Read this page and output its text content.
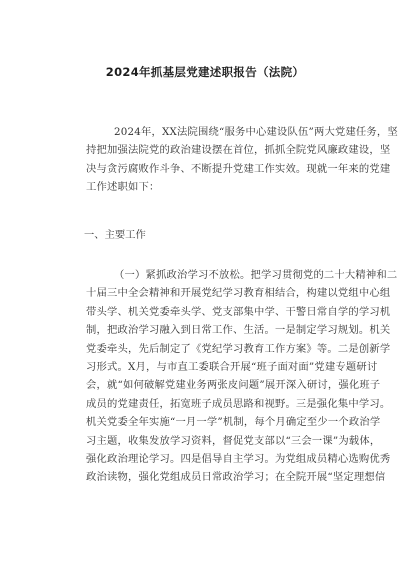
2024年抓基层党建述职报告（法院）
2024年，XX法院围绕“服务中心建设队伍”两大党建任务，坚
持把加强法院党的政治建设摆在首位，抓抓全院党风廉政建设，坚
决与贪污腐败作斗争、不断提升党建工作实效。现就一年来的党建
工作述职如下：
一、主要工作
（一）紧抓政治学习不放松。把学习贯彻党的二十大精神和二
十届三中全会精神和开展党纪学习教育相结合，构建以党组中心组
带头学、机关党委牵头学、党支部集中学、干警日常自学的学习机
制，把政治学习融入到日常工作、生活。一是制定学习规划。机关
党委牵头，先后制定了《党纪学习教育工作方案》等。二是创新学
习形式。X月，与市直工委联合开展“班子面对面”党建专题研讨
会，就“如何破解党建业务两张皮问题”展开深入研讨，强化班子
成员的党建责任，拓宽班子成员思路和视野。三是强化集中学习。
机关党委全年实施“一月一学”机制，每个月确定至少一个政治学
习主题，收集发放学习资料，督促党支部以“三会一课”为载体，
强化政治理论学习。四是倡导自主学习。为党组成员精心选购优秀
政治读物，强化党组成员日常政治学习；在全院开展“坚定理想信
